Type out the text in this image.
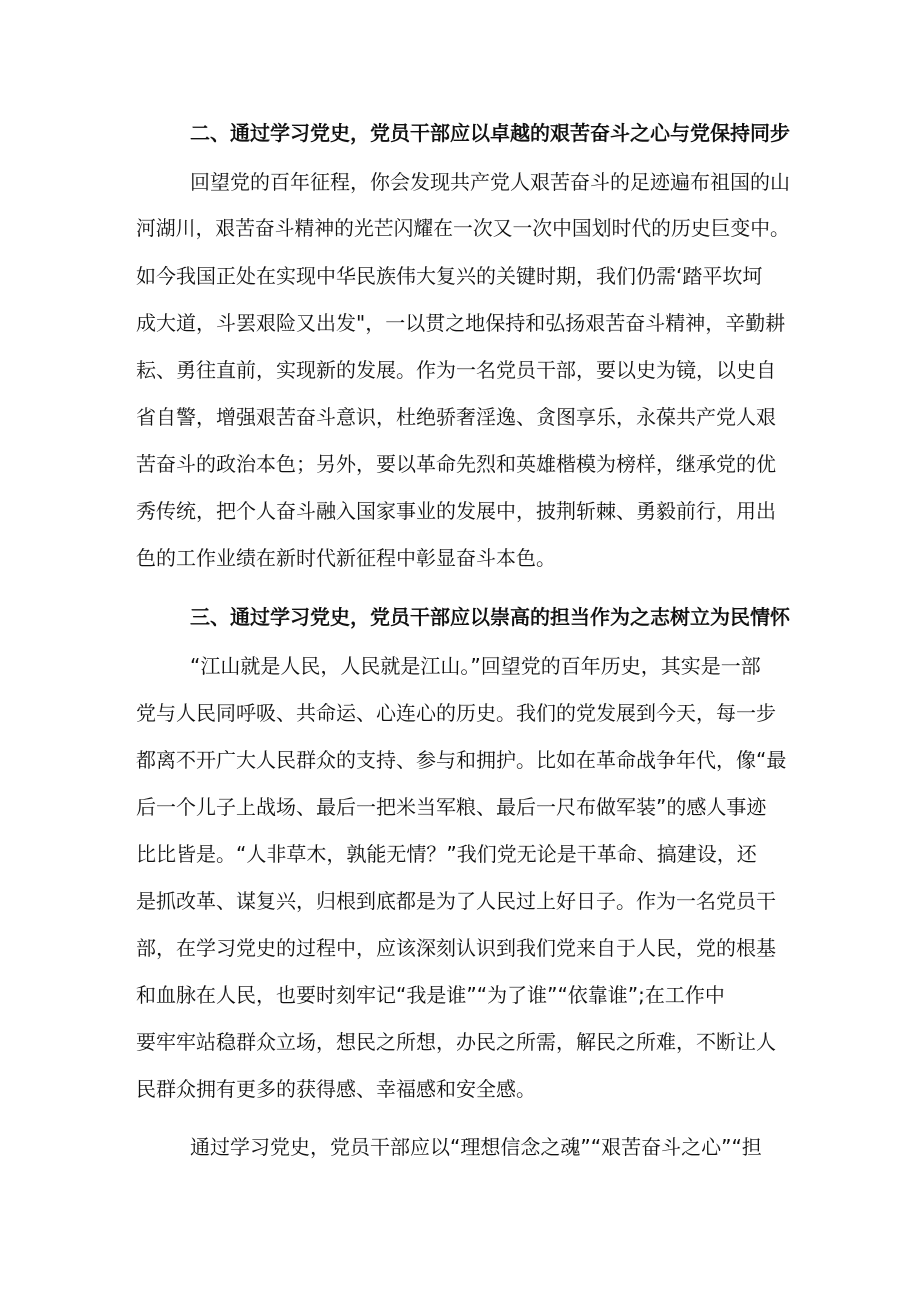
二、通过学习党史，党员干部应以卓越的艰苦奋斗之心与党保持同步
回望党的百年征程，你会发现共产党人艰苦奋斗的足迹遍布祖国的山
河湖川，艰苦奋斗精神的光芒闪耀在一次又一次中国划时代的历史巨变中。
如今我国正处在实现中华民族伟大复兴的关键时期，我们仍需‘踏平坎坷
成大道，斗罢艰险又出发"，一以贯之地保持和弘扬艰苦奋斗精神，辛勤耕
耘、勇往直前，实现新的发展。作为一名党员干部，要以史为镜，以史自
省自警，增强艰苦奋斗意识，杜绝骄奢淫逸、贪图享乐，永葆共产党人艰
苦奋斗的政治本色；另外，要以革命先烈和英雄楷模为榜样，继承党的优
秀传统，把个人奋斗融入国家事业的发展中，披荆斩棘、勇毅前行，用出
色的工作业绩在新时代新征程中彰显奋斗本色。
三、通过学习党史，党员干部应以崇高的担当作为之志树立为民情怀
“江山就是人民，人民就是江山。”回望党的百年历史，其实是一部
党与人民同呼吸、共命运、心连心的历史。我们的党发展到今天，每一步
都离不开广大人民群众的支持、参与和拥护。比如在革命战争年代，像“最
后一个儿子上战场、最后一把米当军粮、最后一尺布做军装”的感人事迹
比比皆是。“人非草木，孰能无情？”我们党无论是干革命、搞建设，还
是抓改革、谋复兴，归根到底都是为了人民过上好日子。作为一名党员干
部，在学习党史的过程中，应该深刻认识到我们党来自于人民，党的根基
和血脉在人民，也要时刻牢记“我是谁”“为了谁”“依靠谁”;在工作中
要牢牢站稳群众立场，想民之所想，办民之所需，解民之所难，不断让人
民群众拥有更多的获得感、幸福感和安全感。
通过学习党史，党员干部应以“理想信念之魂”“艰苦奋斗之心”“担
